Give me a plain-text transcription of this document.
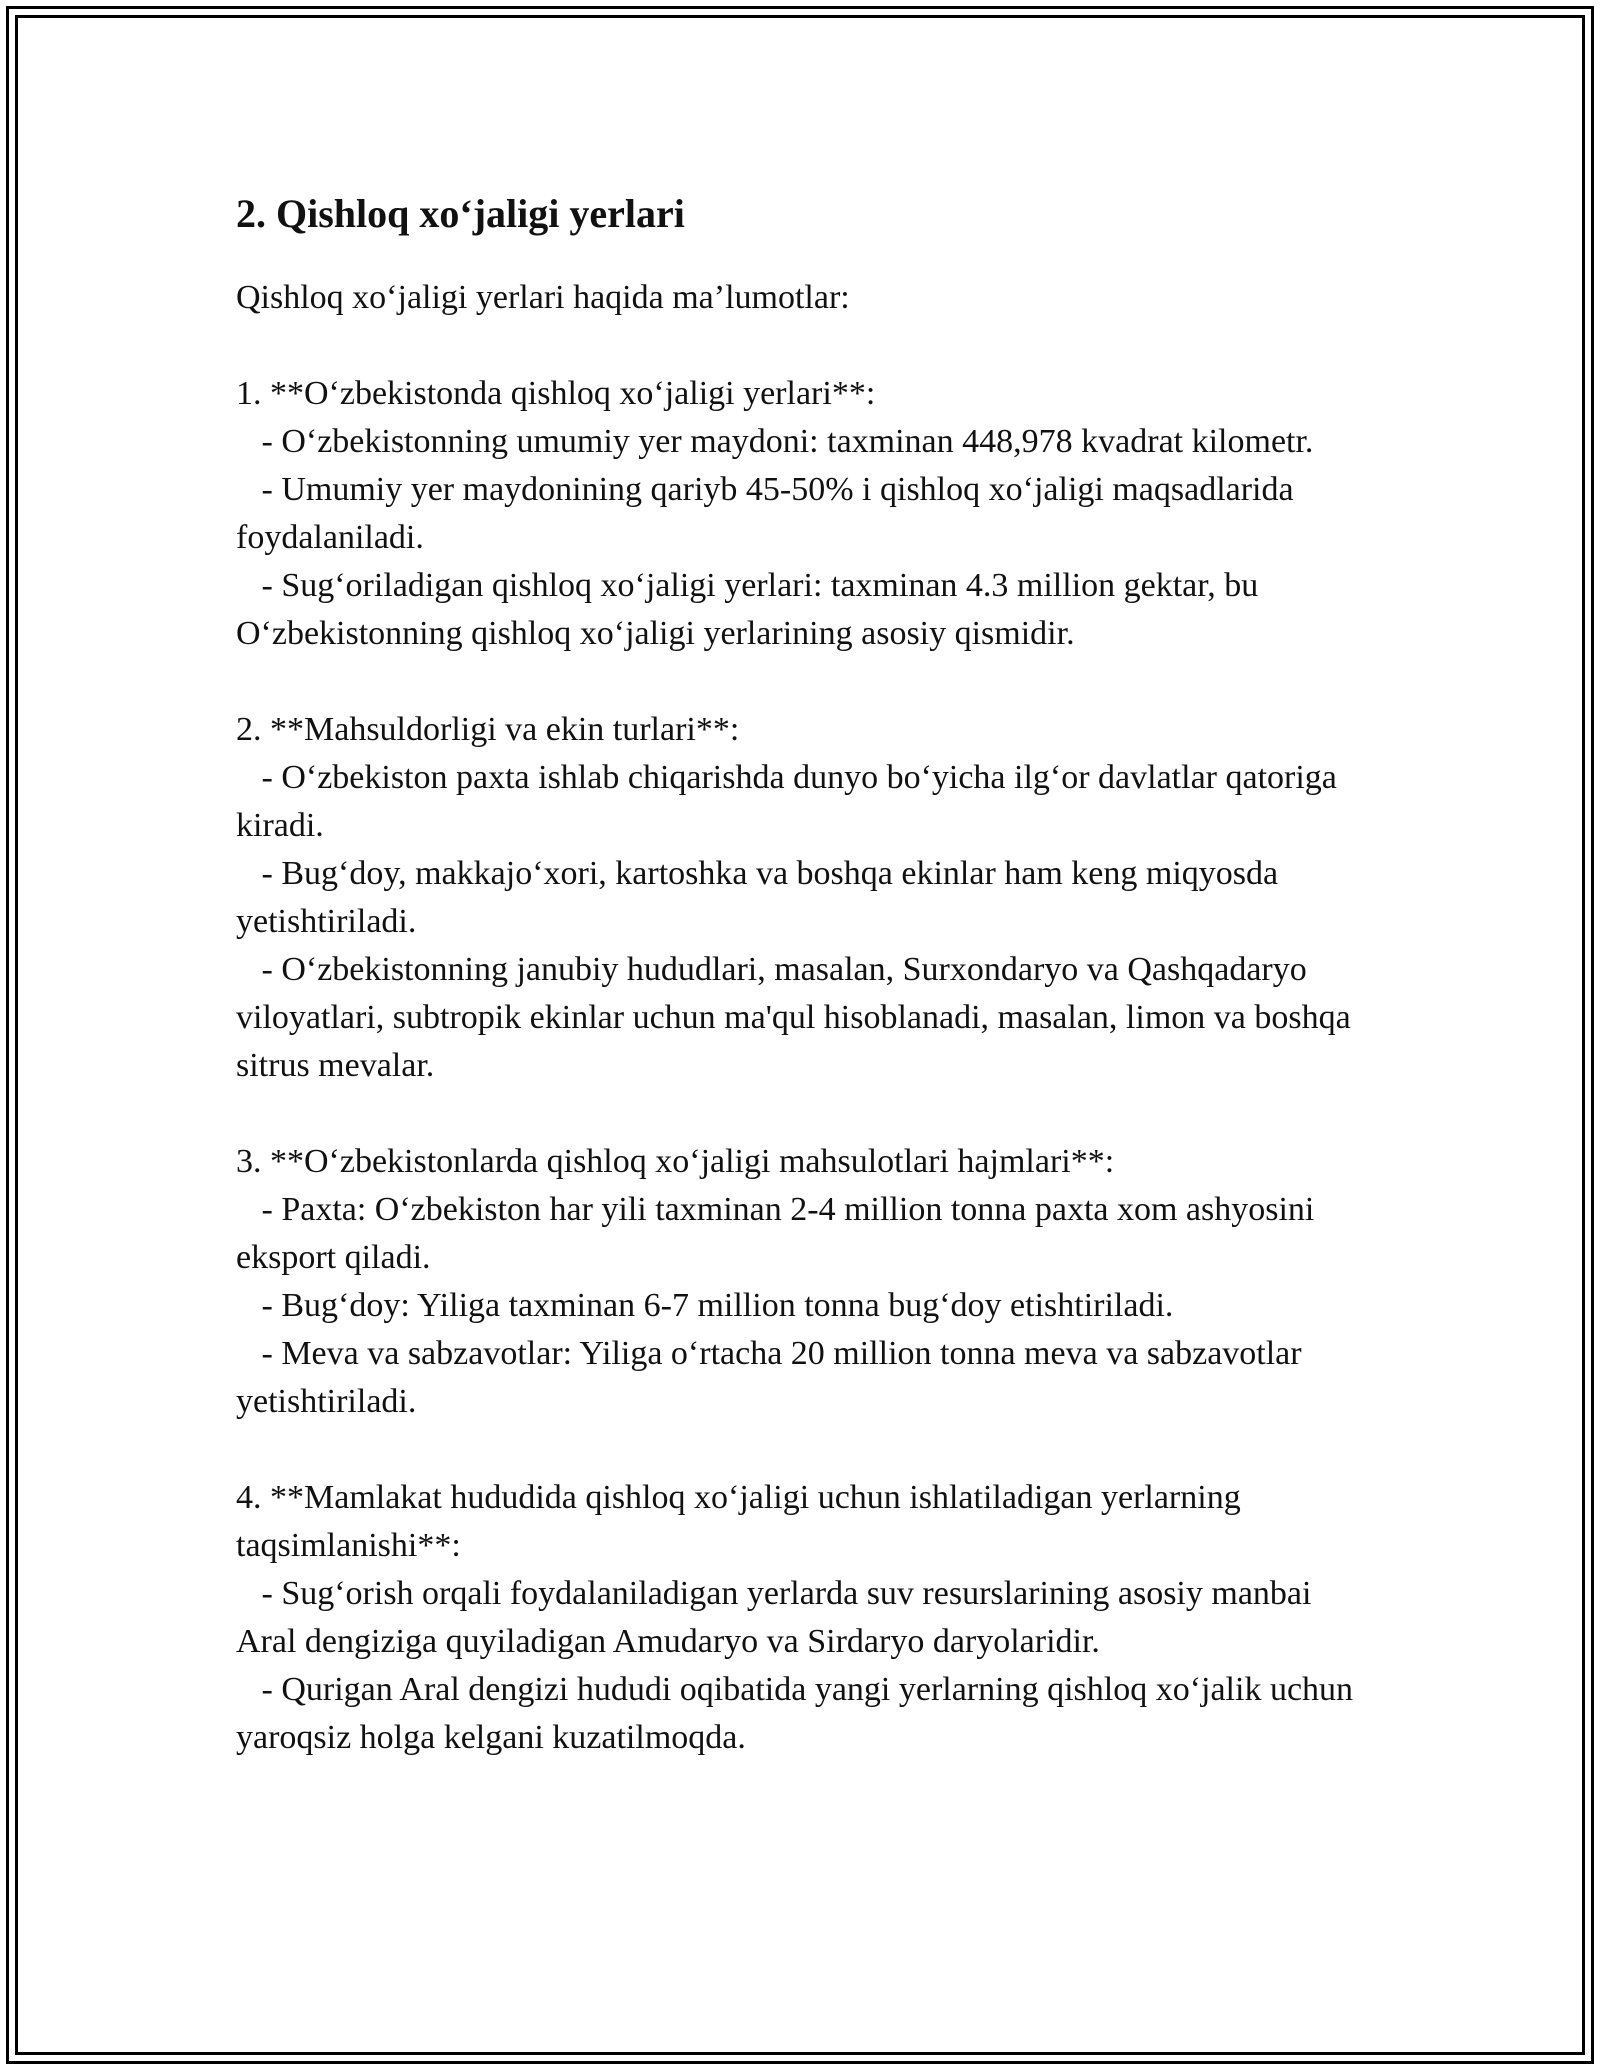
2. Qishloq xo‘jaligi yerlari

Qishloq xo‘jaligi yerlari haqida ma’lumotlar:

1. **O‘zbekistonda qishloq xo‘jaligi yerlari**:

- O‘zbekistonning umumiy yer maydoni: taxminan 448,978 kvadrat kilometr.

- Umumiy yer maydonining qariyb 45-50% i qishloq xo‘jaligi maqsadlarida foydalaniladi.

- Sug‘oriladigan qishloq xo‘jaligi yerlari: taxminan 4.3 million gektar, bu O‘zbekistonning qishloq xo‘jaligi yerlarining asosiy qismidir.

2. **Mahsuldorligi va ekin turlari**:

- O‘zbekiston paxta ishlab chiqarishda dunyo bo‘yicha ilg‘or davlatlar qatoriga kiradi.

- Bug‘doy, makkajo‘xori, kartoshka va boshqa ekinlar ham keng miqyosda yetishtiriladi.

- O‘zbekistonning janubiy hududlari, masalan, Surxondaryo va Qashqadaryo viloyatlari, subtropik ekinlar uchun ma'qul hisoblanadi, masalan, limon va boshqa sitrus mevalar.

3. **O‘zbekistonlarda qishloq xo‘jaligi mahsulotlari hajmlari**:

- Paxta: O‘zbekiston har yili taxminan 2-4 million tonna paxta xom ashyosini eksport qiladi.

- Bug‘doy: Yiliga taxminan 6-7 million tonna bug‘doy etishtiriladi.

- Meva va sabzavotlar: Yiliga o‘rtacha 20 million tonna meva va sabzavotlar yetishtiriladi.

4. **Mamlakat hududida qishloq xo‘jaligi uchun ishlatiladigan yerlarning taqsimlanishi**:

- Sug‘orish orqali foydalaniladigan yerlarda suv resurslarining asosiy manbai Aral dengiziga quyiladigan Amudaryo va Sirdaryo daryolaridir.

- Qurigan Aral dengizi hududi oqibatida yangi yerlarning qishloq xo‘jalik uchun yaroqsiz holga kelgani kuzatilmoqda.
